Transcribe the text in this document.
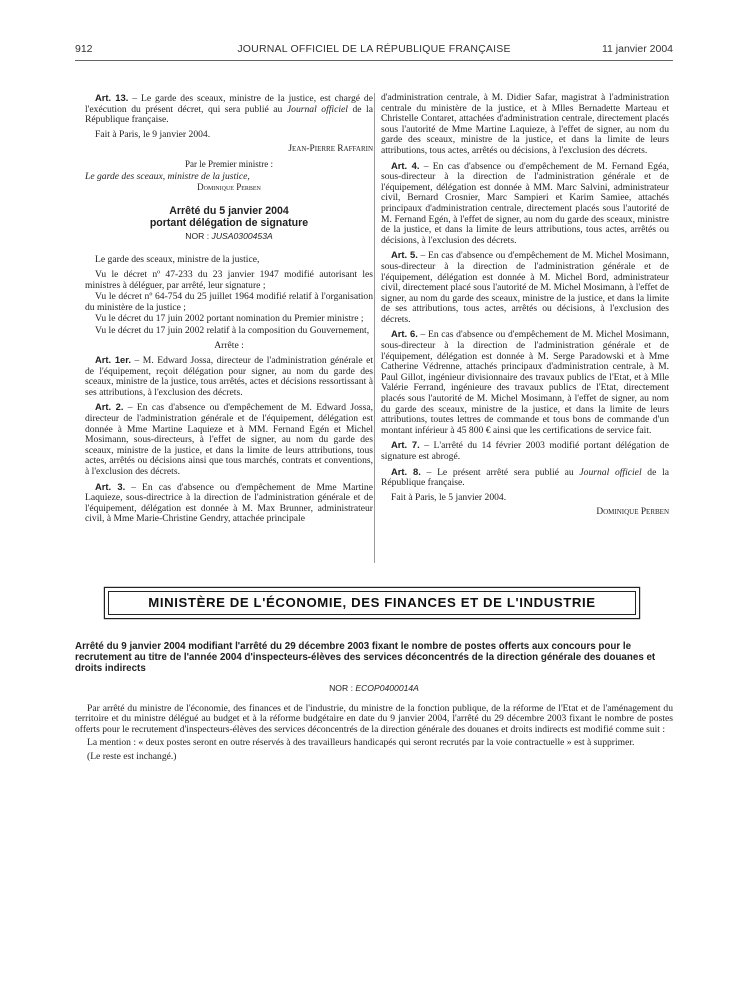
912	JOURNAL OFFICIEL DE LA RÉPUBLIQUE FRANÇAISE	11 janvier 2004

Art. 13. – Le garde des sceaux, ministre de la justice, est chargé de l'exécution du présent décret, qui sera publié au Journal officiel de la République française.

Fait à Paris, le 9 janvier 2004.

Jean-Pierre Raffarin
Par le Premier ministre :

Le garde des sceaux, ministre de la justice,

Dominique Perben
Arrêté du 5 janvier 2004
portant délégation de signature
NOR : JUSA0300453A

Le garde des sceaux, ministre de la justice,

Vu le décret nº 47-233 du 23 janvier 1947 modifié autorisant les ministres à déléguer, par arrêté, leur signature ;

Vu le décret nº 64-754 du 25 juillet 1964 modifié relatif à l'organisation du ministère de la justice ;

Vu le décret du 17 juin 2002 portant nomination du Premier ministre ;

Vu le décret du 17 juin 2002 relatif à la composition du Gouvernement,

Arrête :

Art. 1er. – M. Edward Jossa, directeur de l'administration générale et de l'équipement, reçoit délégation pour signer, au nom du garde des sceaux, ministre de la justice, tous arrêtés, actes et décisions ressortissant à ses attributions, à l'exclusion des décrets.

Art. 2. – En cas d'absence ou d'empêchement de M. Edward Jossa, directeur de l'administration générale et de l'équipement, délégation est donnée à Mme Martine Laquieze et à MM. Fernand Egén et Michel Mosimann, sous-directeurs, à l'effet de signer, au nom du garde des sceaux, ministre de la justice, et dans la limite de leurs attributions, tous actes, arrêtés ou décisions ainsi que tous marchés, contrats et conventions, à l'exclusion des décrets.

Art. 3. – En cas d'absence ou d'empêchement de Mme Martine Laquieze, sous-directrice à la direction de l'administration générale et de l'équipement, délégation est donnée à M. Max Brunner, administrateur civil, à Mme Marie-Christine Gendry, attachée principale

d'administration centrale, à M. Didier Safar, magistrat à l'administration centrale du ministère de la justice, et à Mlles Bernadette Marteau et Christelle Contaret, attachées d'administration centrale, directement placés sous l'autorité de Mme Martine Laquieze, à l'effet de signer, au nom du garde des sceaux, ministre de la justice, et dans la limite de leurs attributions, tous actes, arrêtés ou décisions, à l'exclusion des décrets.

Art. 4. – En cas d'absence ou d'empêchement de M. Fernand Egéa, sous-directeur à la direction de l'administration générale et de l'équipement, délégation est donnée à MM. Marc Salvini, administrateur civil, Bernard Crosnier, Marc Sampieri et Karim Samiee, attachés principaux d'administration centrale, directement placés sous l'autorité de M. Fernand Egén, à l'effet de signer, au nom du garde des sceaux, ministre de la justice, et dans la limite de leurs attributions, tous actes, arrêtés ou décisions, à l'exclusion des décrets.

Art. 5. – En cas d'absence ou d'empêchement de M. Michel Mosimann, sous-directeur à la direction de l'administration générale et de l'équipement, délégation est donnée à M. Michel Bord, administrateur civil, directement placé sous l'autorité de M. Michel Mosimann, à l'effet de signer, au nom du garde des sceaux, ministre de la justice, et dans la limite de ses attributions, tous actes, arrêtés ou décisions, à l'exclusion des décrets.

Art. 6. – En cas d'absence ou d'empêchement de M. Michel Mosimann, sous-directeur à la direction de l'administration générale et de l'équipement, délégation est donnée à M. Serge Paradowski et à Mme Catherine Védrenne, attachés principaux d'administration centrale, à M. Paul Gillot, ingénieur divisionnaire des travaux publics de l'Etat, et à Mlle Valérie Ferrand, ingénieure des travaux publics de l'Etat, directement placés sous l'autorité de M. Michel Mosimann, à l'effet de signer, au nom du garde des sceaux, ministre de la justice, et dans la limite de leurs attributions, toutes lettres de commande et tous bons de commande d'un montant inférieur à 45 800 € ainsi que les certifications de service fait.

Art. 7. – L'arrêté du 14 février 2003 modifié portant délégation de signature est abrogé.

Art. 8. – Le présent arrêté sera publié au Journal officiel de la République française.

Fait à Paris, le 5 janvier 2004.

Dominique Perben
MINISTÈRE DE L'ÉCONOMIE, DES FINANCES ET DE L'INDUSTRIE
Arrêté du 9 janvier 2004 modifiant l'arrêté du 29 décembre 2003 fixant le nombre de postes offerts aux concours pour le recrutement au titre de l'année 2004 d'inspecteurs-élèves des services déconcentrés de la direction générale des douanes et droits indirects
NOR : ECOP0400014A

Par arrêté du ministre de l'économie, des finances et de l'industrie, du ministre de la fonction publique, de la réforme de l'Etat et de l'aménagement du territoire et du ministre délégué au budget et à la réforme budgétaire en date du 9 janvier 2004, l'arrêté du 29 décembre 2003 fixant le nombre de postes offerts pour le recrutement d'inspecteurs-élèves des services déconcentrés de la direction générale des douanes et droits indirects est modifié comme suit :

La mention : « deux postes seront en outre réservés à des travailleurs handicapés qui seront recrutés par la voie contractuelle » est à supprimer.

(Le reste est inchangé.)
